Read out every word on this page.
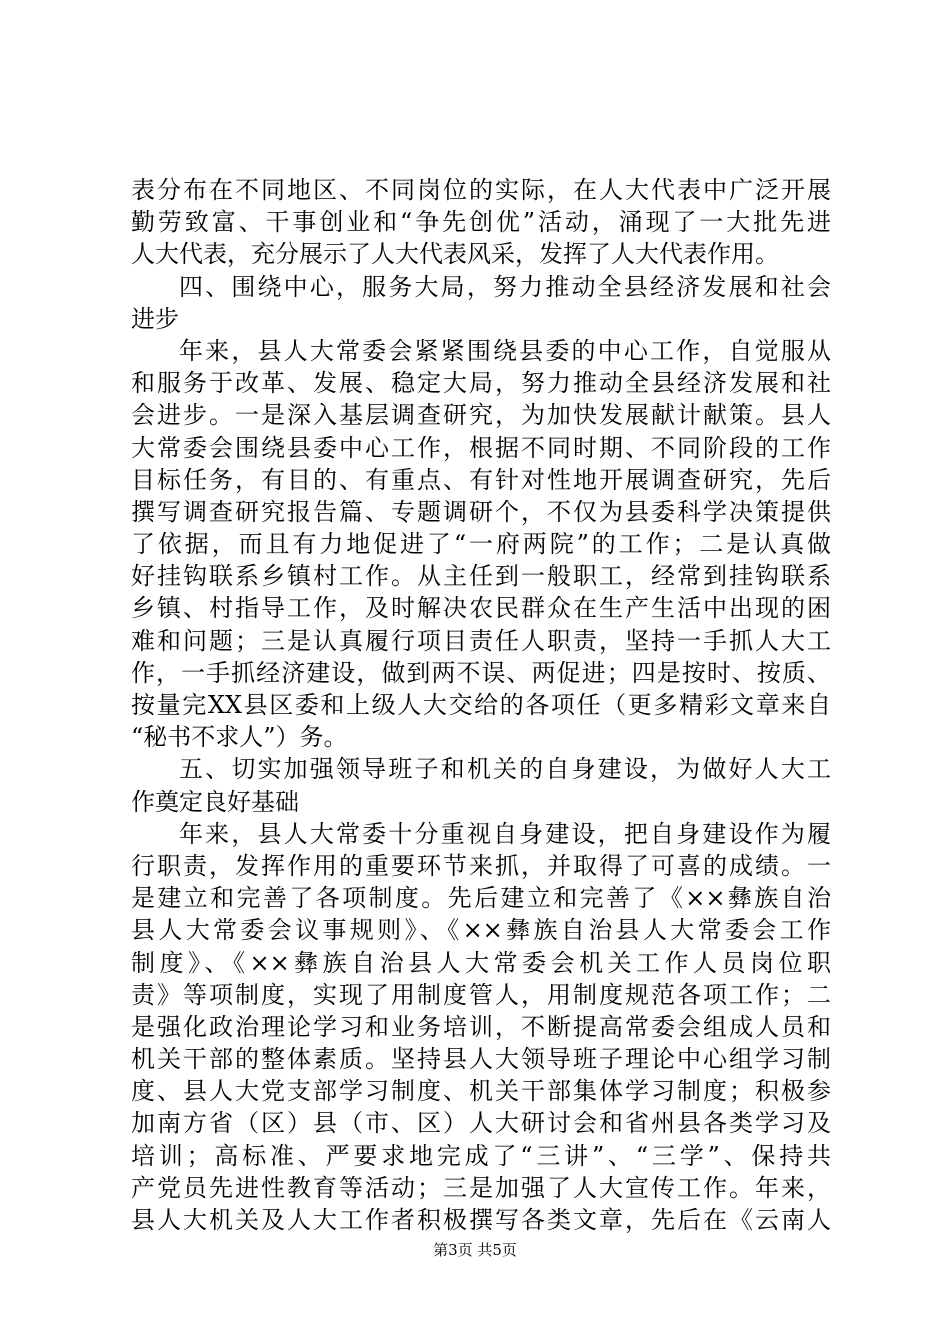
表分布在不同地区、不同岗位的实际，在人大代表中广泛开展
勤劳致富、干事创业和“争先创优”活动，涌现了一大批先进
人大代表，充分展示了人大代表风采，发挥了人大代表作用。
四、围绕中心，服务大局，努力推动全县经济发展和社会
进步
年来，县人大常委会紧紧围绕县委的中心工作，自觉服从
和服务于改革、发展、稳定大局，努力推动全县经济发展和社
会进步。一是深入基层调查研究，为加快发展献计献策。县人
大常委会围绕县委中心工作，根据不同时期、不同阶段的工作
目标任务，有目的、有重点、有针对性地开展调查研究，先后
撰写调查研究报告篇、专题调研个，不仅为县委科学决策提供
了依据，而且有力地促进了“一府两院”的工作；二是认真做
好挂钩联系乡镇村工作。从主任到一般职工，经常到挂钩联系
乡镇、村指导工作，及时解决农民群众在生产生活中出现的困
难和问题；三是认真履行项目责任人职责，坚持一手抓人大工
作，一手抓经济建设，做到两不误、两促进；四是按时、按质、
按量完XX县区委和上级人大交给的各项任（更多精彩文章来自
“秘书不求人”）务。
五、切实加强领导班子和机关的自身建设，为做好人大工
作奠定良好基础
年来，县人大常委十分重视自身建设，把自身建设作为履
行职责，发挥作用的重要环节来抓，并取得了可喜的成绩。一
是建立和完善了各项制度。先后建立和完善了《××彝族自治
县人大常委会议事规则》、《××彝族自治县人大常委会工作
制度》、《××彝族自治县人大常委会机关工作人员岗位职
责》等项制度，实现了用制度管人，用制度规范各项工作；二
是强化政治理论学习和业务培训，不断提高常委会组成人员和
机关干部的整体素质。坚持县人大领导班子理论中心组学习制
度、县人大党支部学习制度、机关干部集体学习制度；积极参
加南方省（区）县（市、区）人大研讨会和省州县各类学习及
培训；高标准、严要求地完成了“三讲”、“三学”、保持共
产党员先进性教育等活动；三是加强了人大宣传工作。年来，
县人大机关及人大工作者积极撰写各类文章，先后在《云南人
第3页 共5页
